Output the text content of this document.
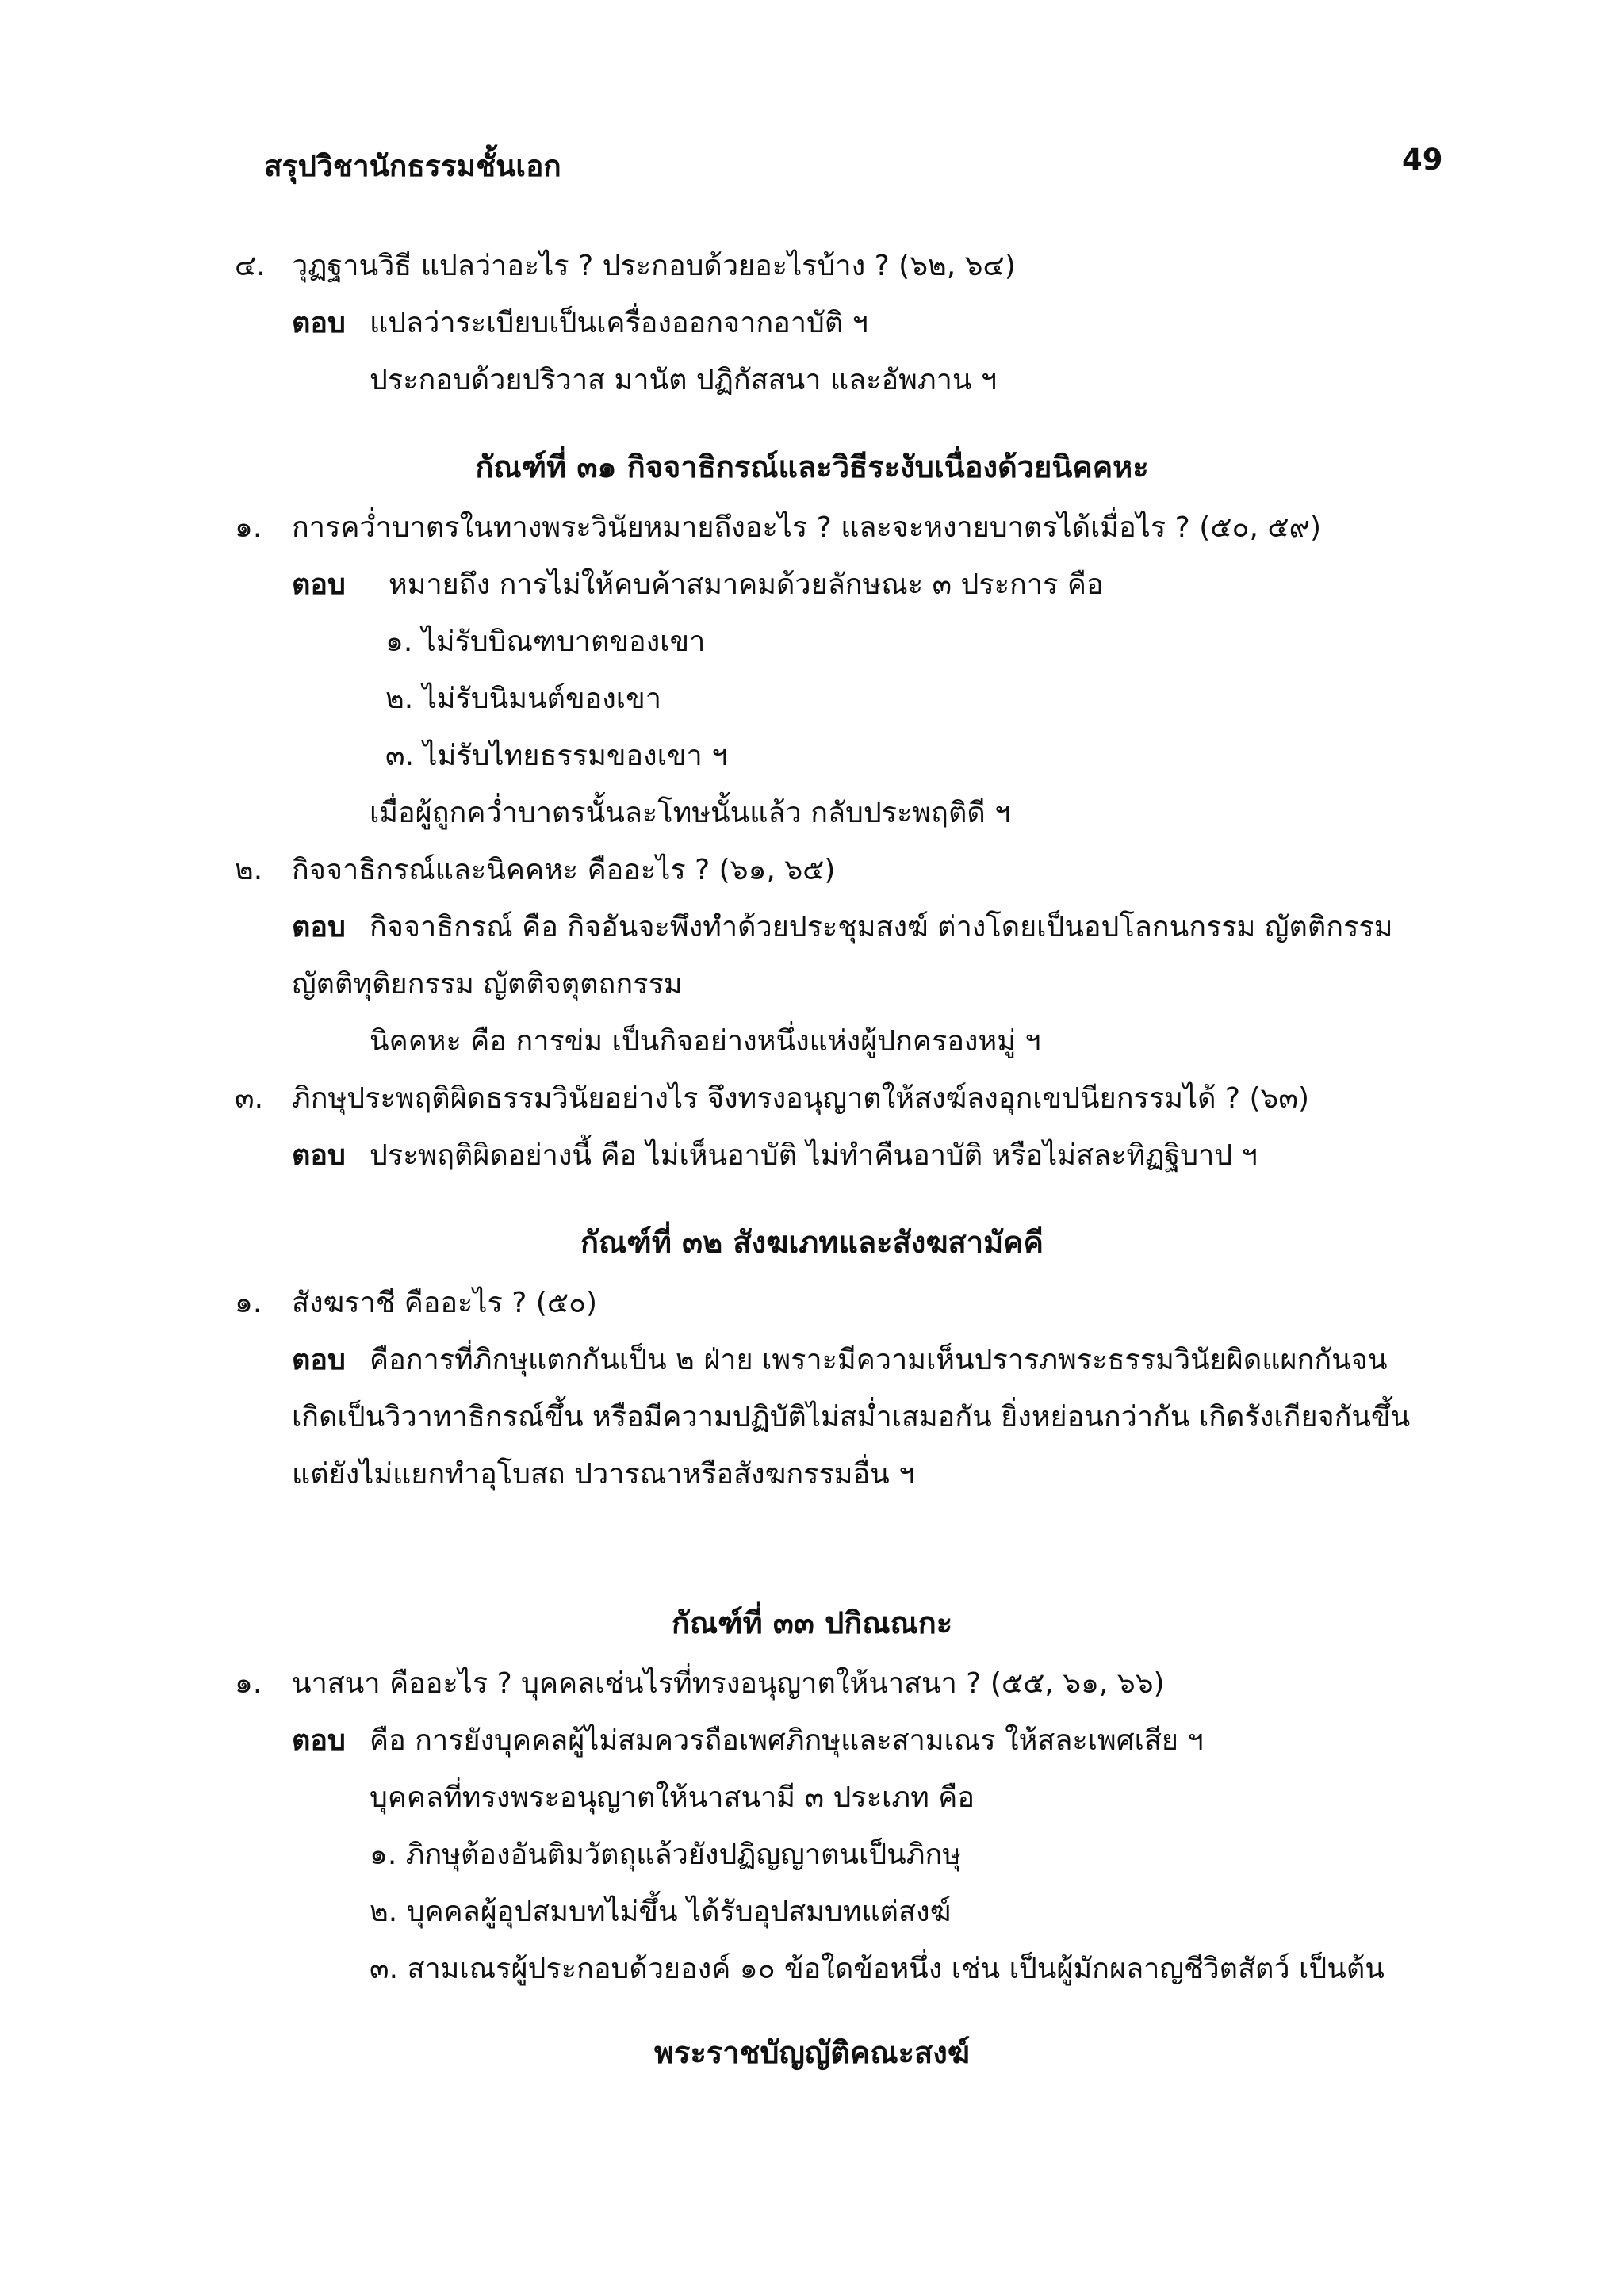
สรุปวิชานักธรรมชั้นเอก	49
๔. วุฏฐานวิธี แปลว่าอะไร ? ประกอบด้วยอะไรบ้าง ? (๖๒, ๖๔)
ตอบ แปลว่าระเบียบเป็นเครื่องออกจากอาบัติ ฯ
ประกอบด้วยปริวาส มานัต ปฏิกัสสนา และอัพภาน ฯ
กัณฑ์ที่ ๓๑ กิจจาธิกรณ์และวิธีระงับเนื่องด้วยนิคคหะ
๑. การคว่ำบาตรในทางพระวินัยหมายถึงอะไร ? และจะหงายบาตรได้เมื่อไร ? (๕๐, ๕๙)
ตอบ หมายถึง การไม่ให้คบค้าสมาคมด้วยลักษณะ ๓ ประการ คือ
๑. ไม่รับบิณฑบาตของเขา
๒. ไม่รับนิมนต์ของเขา
๓. ไม่รับไทยธรรมของเขา ฯ
เมื่อผู้ถูกคว่ำบาตรนั้นละโทษนั้นแล้ว กลับประพฤติดี ฯ
๒. กิจจาธิกรณ์และนิคคหะ คืออะไร ? (๖๑, ๖๕)
ตอบ กิจจาธิกรณ์ คือ กิจอันจะพึงทำด้วยประชุมสงฆ์ ต่างโดยเป็นอปโลกนกรรม ญัตติกรรม
ญัตติทุติยกรรม ญัตติจตุตถกรรม
นิคคหะ คือ การข่ม เป็นกิจอย่างหนึ่งแห่งผู้ปกครองหมู่ ฯ
๓. ภิกษุประพฤติผิดธรรมวินัยอย่างไร จึงทรงอนุญาตให้สงฆ์ลงอุกเขปนียกรรมได้ ? (๖๓)
ตอบ ประพฤติผิดอย่างนี้ คือ ไม่เห็นอาบัติ ไม่ทำคืนอาบัติ หรือไม่สละทิฏฐิบาป ฯ
กัณฑ์ที่ ๓๒ สังฆเภทและสังฆสามัคคี
๑. สังฆราชี คืออะไร ? (๕๐)
ตอบ คือการที่ภิกษุแตกกันเป็น ๒ ฝ่าย เพราะมีความเห็นปรารภพระธรรมวินัยผิดแผกกันจน
เกิดเป็นวิวาทาธิกรณ์ขึ้น หรือมีความปฏิบัติไม่สม่ำเสมอกัน ยิ่งหย่อนกว่ากัน เกิดรังเกียจกันขึ้น
แต่ยังไม่แยกทำอุโบสถ ปวารณาหรือสังฆกรรมอื่น ฯ
กัณฑ์ที่ ๓๓ ปกิณณกะ
๑. นาสนา คืออะไร ? บุคคลเช่นไรที่ทรงอนุญาตให้นาสนา ? (๕๕, ๖๑, ๖๖)
ตอบ คือ การยังบุคคลผู้ไม่สมควรถือเพศภิกษุและสามเณร ให้สละเพศเสีย ฯ
บุคคลที่ทรงพระอนุญาตให้นาสนามี ๓ ประเภท คือ
๑. ภิกษุต้องอันติมวัตถุแล้วยังปฏิญญาตนเป็นภิกษุ
๒. บุคคลผู้อุปสมบทไม่ขึ้น ได้รับอุปสมบทแต่สงฆ์
๓. สามเณรผู้ประกอบด้วยองค์ ๑๐ ข้อใดข้อหนึ่ง เช่น เป็นผู้มักผลาญชีวิตสัตว์ เป็นต้น
พระราชบัญญัติคณะสงฆ์
